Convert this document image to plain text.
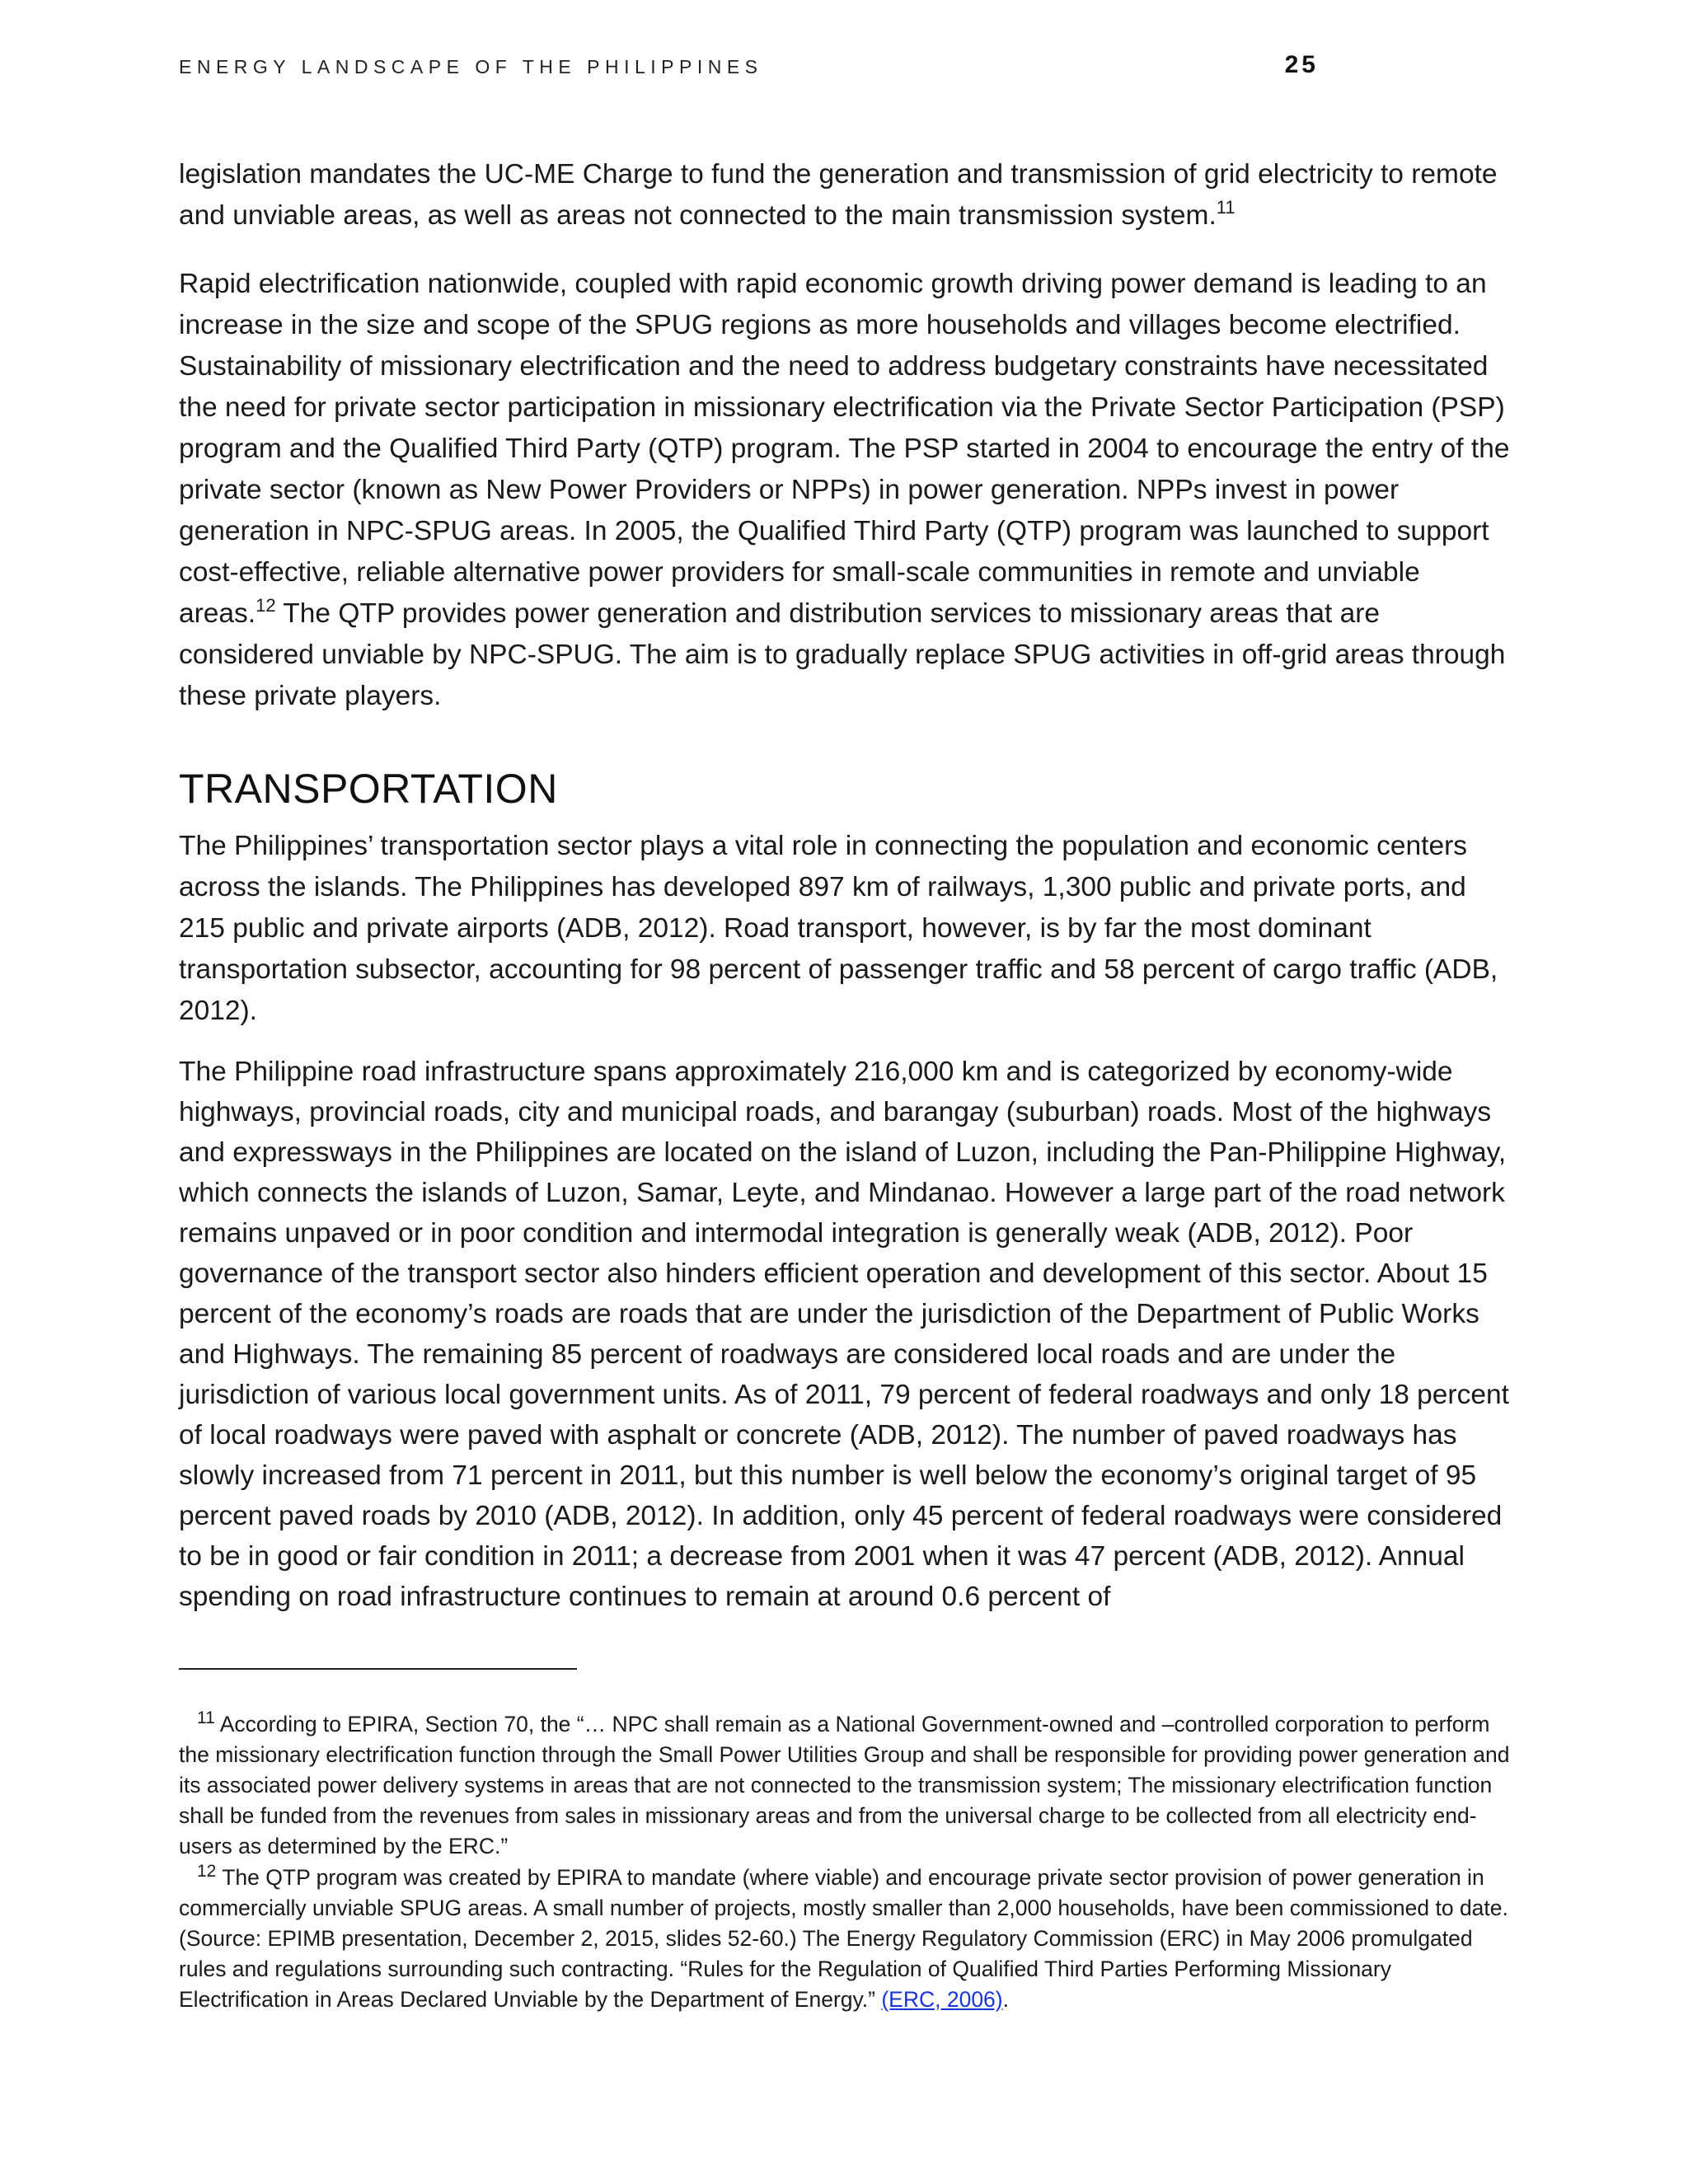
ENERGY LANDSCAPE OF THE PHILIPPINES	25

legislation mandates the UC-ME Charge to fund the generation and transmission of grid electricity to remote and unviable areas, as well as areas not connected to the main transmission system.$^{11}$

Rapid electrification nationwide, coupled with rapid economic growth driving power demand is leading to an increase in the size and scope of the SPUG regions as more households and villages become electrified. Sustainability of missionary electrification and the need to address budgetary constraints have necessitated the need for private sector participation in missionary electrification via the Private Sector Participation (PSP) program and the Qualified Third Party (QTP) program. The PSP started in 2004 to encourage the entry of the private sector (known as New Power Providers or NPPs) in power generation. NPPs invest in power generation in NPC-SPUG areas. In 2005, the Qualified Third Party (QTP) program was launched to support cost-effective, reliable alternative power providers for small-scale communities in remote and unviable areas.$^{12}$ The QTP provides power generation and distribution services to missionary areas that are considered unviable by NPC-SPUG. The aim is to gradually replace SPUG activities in off-grid areas through these private players.

TRANSPORTATION

The Philippines’ transportation sector plays a vital role in connecting the population and economic centers across the islands. The Philippines has developed 897 km of railways, 1,300 public and private ports, and 215 public and private airports (ADB, 2012). Road transport, however, is by far the most dominant transportation subsector, accounting for 98 percent of passenger traffic and 58 percent of cargo traffic (ADB, 2012).

The Philippine road infrastructure spans approximately 216,000 km and is categorized by economy-wide highways, provincial roads, city and municipal roads, and barangay (suburban) roads. Most of the highways and expressways in the Philippines are located on the island of Luzon, including the Pan-Philippine Highway, which connects the islands of Luzon, Samar, Leyte, and Mindanao. However a large part of the road network remains unpaved or in poor condition and intermodal integration is generally weak (ADB, 2012). Poor governance of the transport sector also hinders efficient operation and development of this sector. About 15 percent of the economy’s roads are roads that are under the jurisdiction of the Department of Public Works and Highways. The remaining 85 percent of roadways are considered local roads and are under the jurisdiction of various local government units. As of 2011, 79 percent of federal roadways and only 18 percent of local roadways were paved with asphalt or concrete (ADB, 2012). The number of paved roadways has slowly increased from 71 percent in 2011, but this number is well below the economy’s original target of 95 percent paved roads by 2010 (ADB, 2012). In addition, only 45 percent of federal roadways were considered to be in good or fair condition in 2011; a decrease from 2001 when it was 47 percent (ADB, 2012). Annual spending on road infrastructure continues to remain at around 0.6 percent of

$^{11}$ According to EPIRA, Section 70, the “… NPC shall remain as a National Government-owned and –controlled corporation to perform the missionary electrification function through the Small Power Utilities Group and shall be responsible for providing power generation and its associated power delivery systems in areas that are not connected to the transmission system; The missionary electrification function shall be funded from the revenues from sales in missionary areas and from the universal charge to be collected from all electricity end-users as determined by the ERC.”

$^{12}$ The QTP program was created by EPIRA to mandate (where viable) and encourage private sector provision of power generation in commercially unviable SPUG areas. A small number of projects, mostly smaller than 2,000 households, have been commissioned to date. (Source: EPIMB presentation, December 2, 2015, slides 52-60.) The Energy Regulatory Commission (ERC) in May 2006 promulgated rules and regulations surrounding such contracting. “Rules for the Regulation of Qualified Third Parties Performing Missionary Electrification in Areas Declared Unviable by the Department of Energy.” (ERC, 2006).
